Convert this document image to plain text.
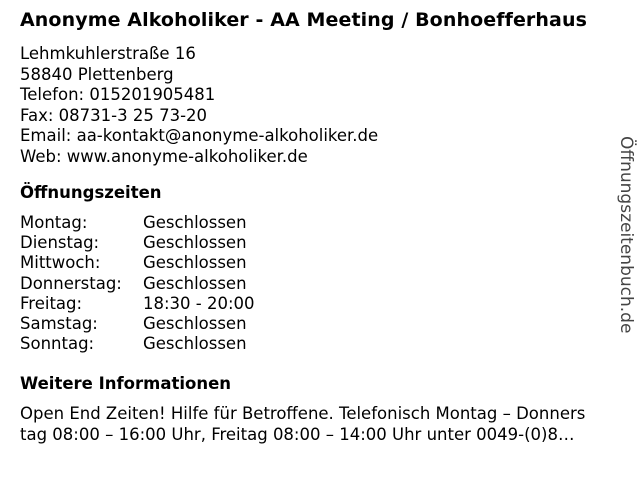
Anonyme Alkoholiker - AA Meeting / Bonhoefferhaus
Lehmkuhlerstraße 16
58840 Plettenberg
Telefon: 015201905481
Fax: 08731-3 25 73-20
Email: aa-kontakt@anonyme-alkoholiker.de
Web: www.anonyme-alkoholiker.de
Öffnungszeiten
Montag:	Geschlossen
Dienstag:	Geschlossen
Mittwoch:	Geschlossen
Donnerstag:	Geschlossen
Freitag:	18:30 - 20:00
Samstag:	Geschlossen
Sonntag:	Geschlossen
Weitere Informationen
Open End Zeiten! Hilfe für Betroffene. Telefonisch Montag – Donners
tag 08:00 – 16:00 Uhr, Freitag 08:00 – 14:00 Uhr unter 0049-(0)8…
Öffnungszeitenbuch.de
